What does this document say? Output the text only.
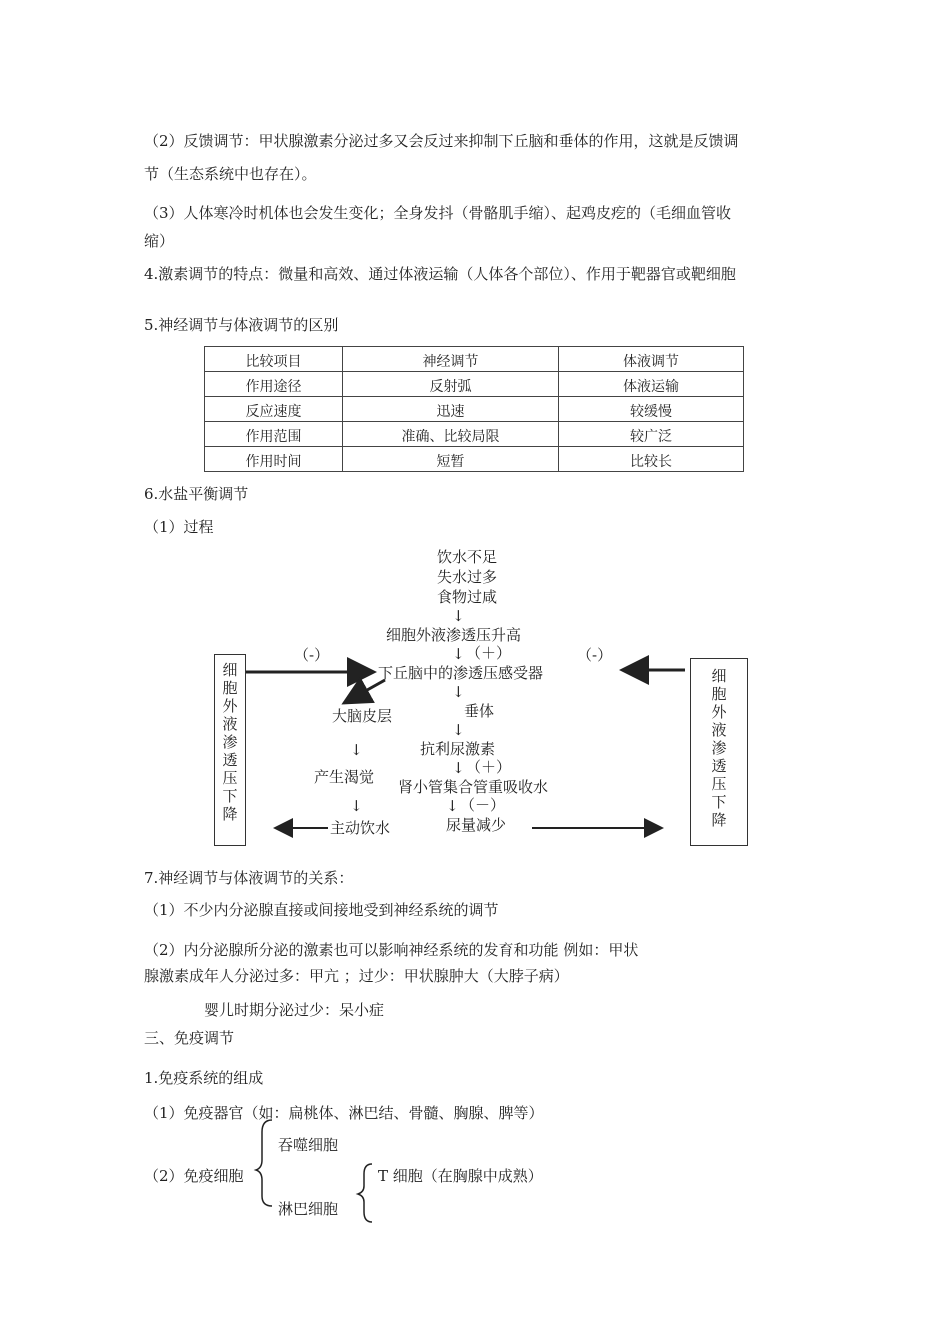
（2）反馈调节：甲状腺激素分泌过多又会反过来抑制下丘脑和垂体的作用，这就是反馈调
节（生态系统中也存在）。
（3）人体寒冷时机体也会发生变化；全身发抖（骨骼肌手缩）、起鸡皮疙的（毛细血管收
缩）
4.激素调节的特点：微量和高效、通过体液运输（人体各个部位）、作用于靶器官或靶细胞
5.神经调节与体液调节的区别
比较项目	神经调节	体液调节
作用途径	反射弧	体液运输
反应速度	迅速	较缓慢
作用范围	准确、比较局限	较广泛
作用时间	短暂	比较长
6.水盐平衡调节
（1）过程
饮水不足
失水过多
食物过咸
↓
细胞外液渗透压升高
↓ （＋）
（-）	（-）
下丘脑中的渗透压感受器
↓
大脑皮层	垂体
↓
↓	抗利尿激素
↓ （＋）
产生渴觉
肾小管集合管重吸收水
↓	↓ （－）
主动饮水	尿量减少
细胞外液渗透压下降
细胞外液渗透压下降
7.神经调节与体液调节的关系：
（1）不少内分泌腺直接或间接地受到神经系统的调节
（2）内分泌腺所分泌的激素也可以影响神经系统的发育和功能 例如：甲状
腺激素成年人分泌过多：甲亢 ；过少：甲状腺肿大（大脖子病）
婴儿时期分泌过少：呆小症
三、免疫调节
1.免疫系统的组成
（1）免疫器官（如：扁桃体、淋巴结、骨髓、胸腺、脾等）
（2）免疫细胞
吞噬细胞
T 细胞（在胸腺中成熟）
淋巴细胞
